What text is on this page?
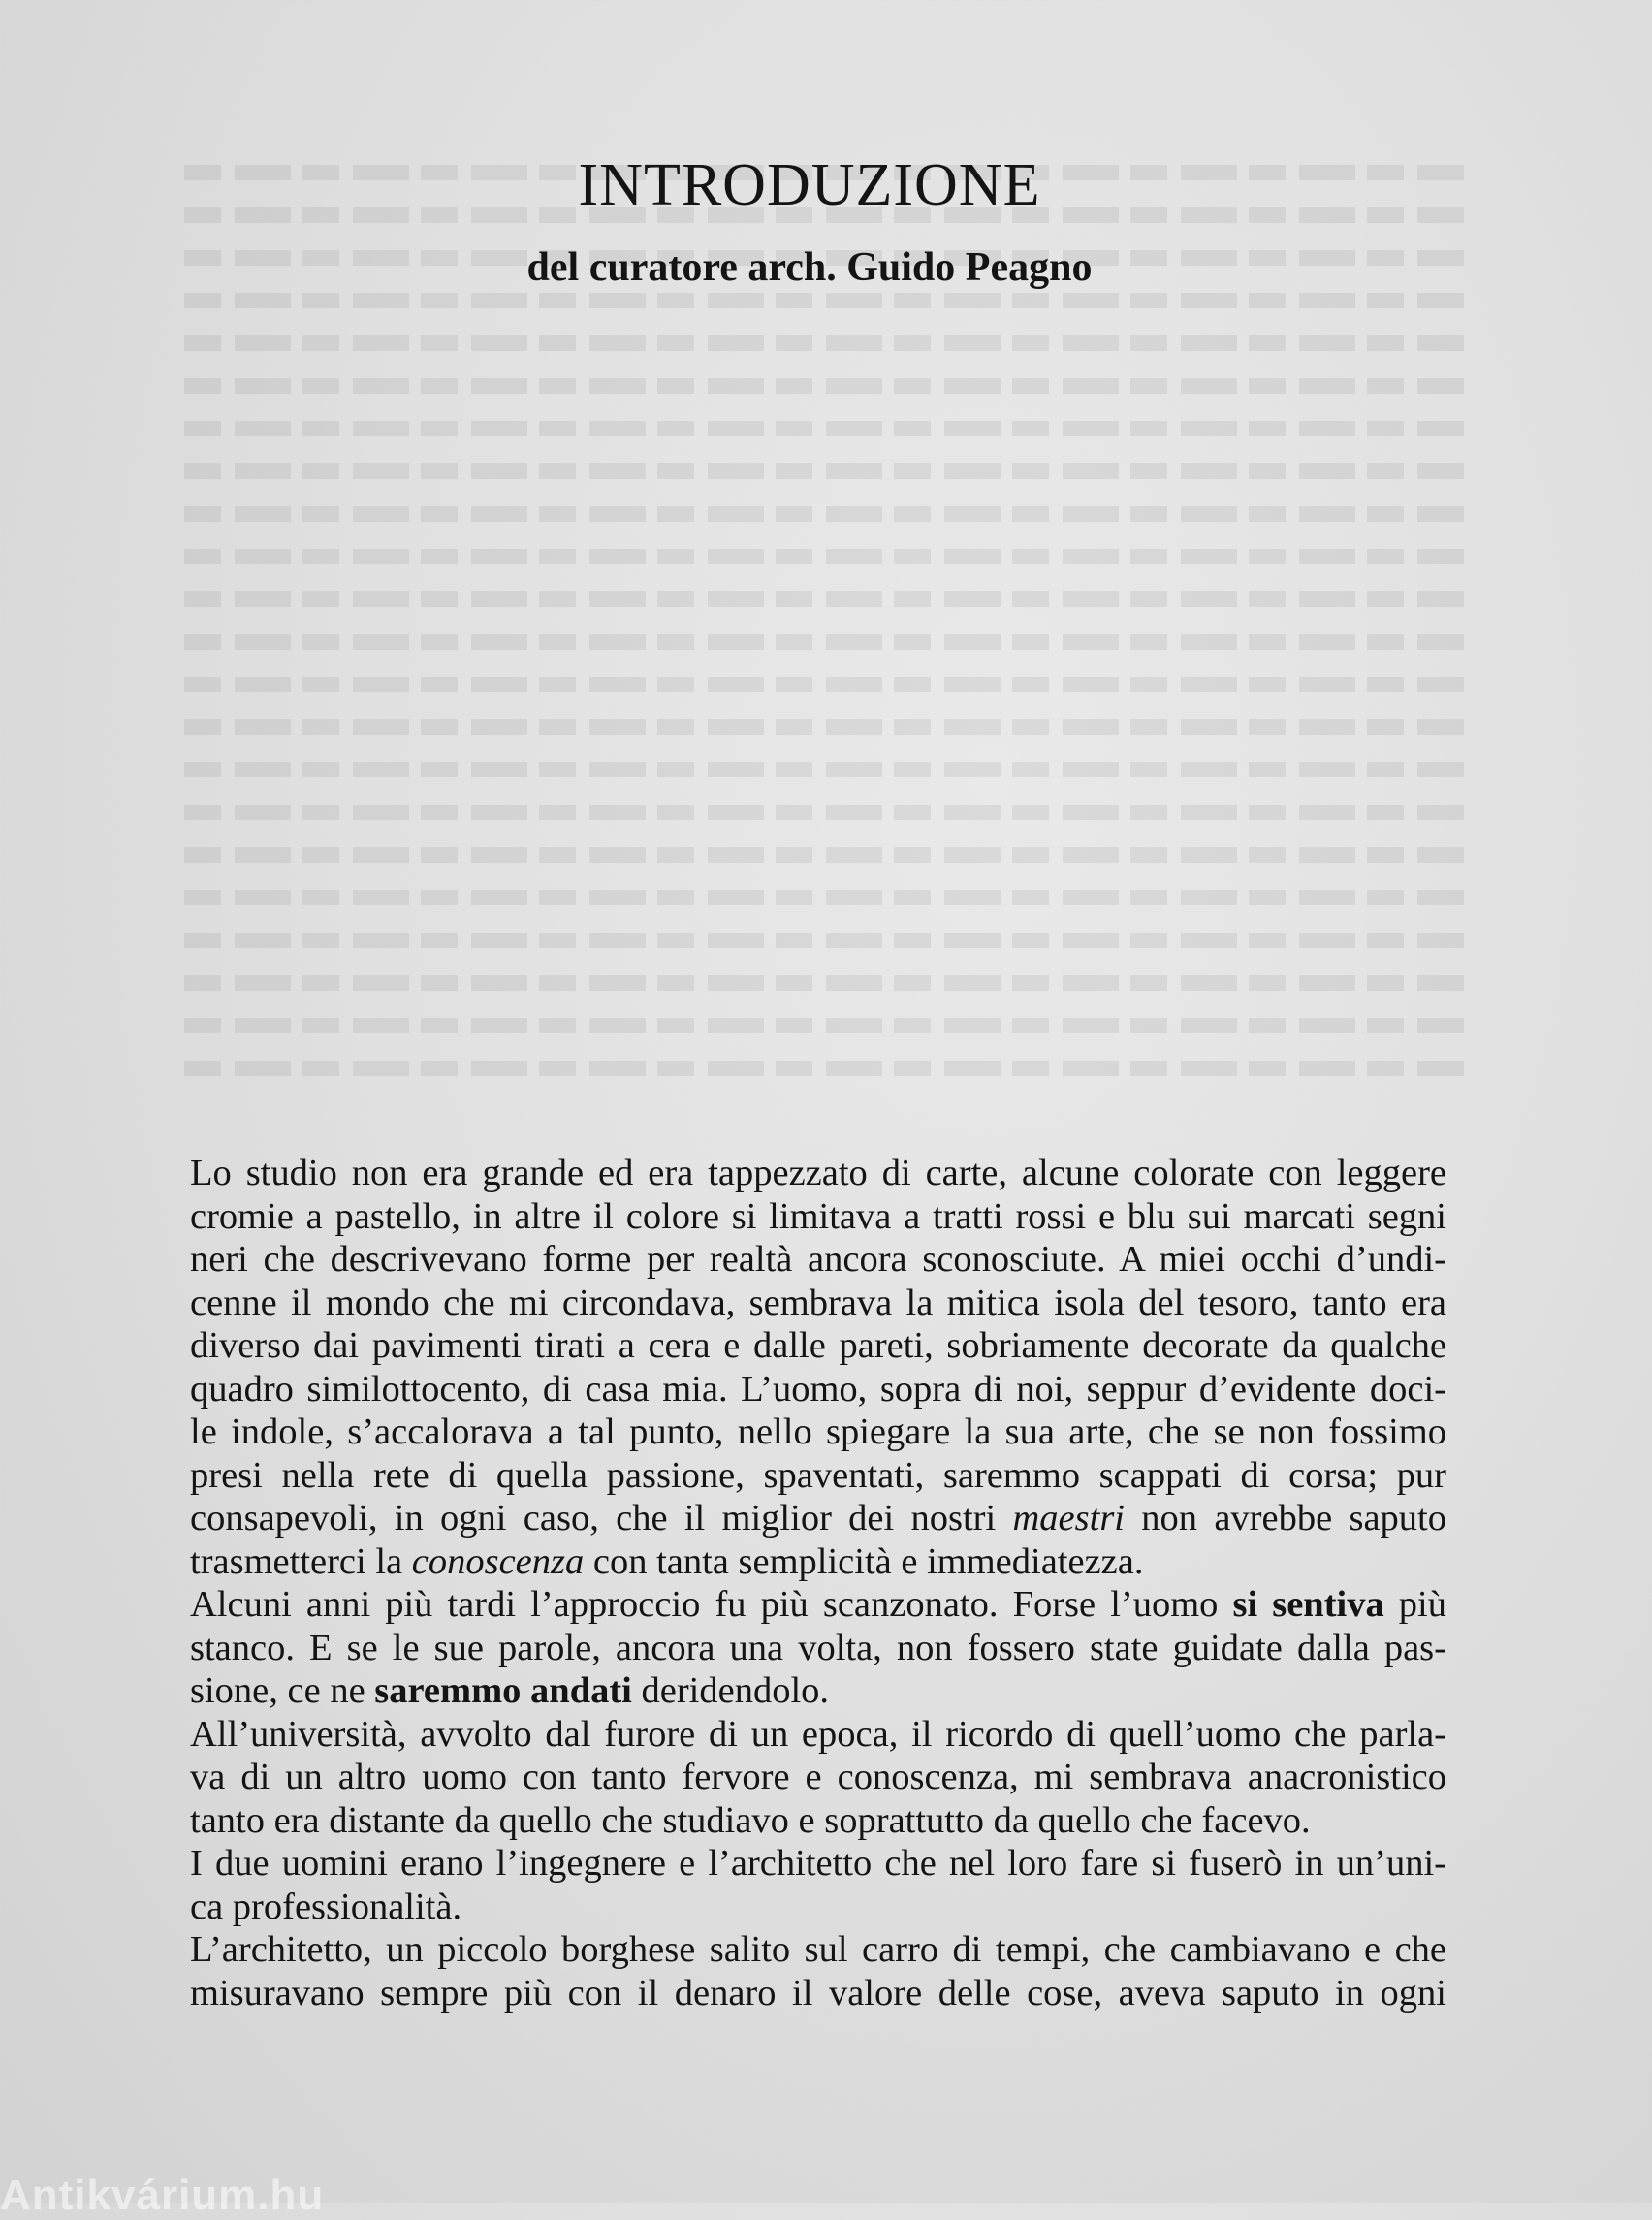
INTRODUZIONE
del curatore arch. Guido Peagno
Lo studio non era grande ed era tappezzato di carte, alcune colorate con leggere
cromie a pastello, in altre il colore si limitava a tratti rossi e blu sui marcati segni
neri che descrivevano forme per realtà ancora sconosciute. A miei occhi d’undi-
cenne il mondo che mi circondava, sembrava la mitica isola del tesoro, tanto era
diverso dai pavimenti tirati a cera e dalle pareti, sobriamente decorate da qualche
quadro similottocento, di casa mia. L’uomo, sopra di noi, seppur d’evidente doci-
le indole, s’accalorava a tal punto, nello spiegare la sua arte, che se non fossimo
presi nella rete di quella passione, spaventati, saremmo scappati di corsa; pur
consapevoli, in ogni caso, che il miglior dei nostri maestri non avrebbe saputo
trasmetterci la conoscenza con tanta semplicità e immediatezza.
Alcuni anni più tardi l’approccio fu più scanzonato. Forse l’uomo si sentiva più
stanco. E se le sue parole, ancora una volta, non fossero state guidate dalla pas-
sione, ce ne saremmo andati deridendolo.
All’università, avvolto dal furore di un epoca, il ricordo di quell’uomo che parla-
va di un altro uomo con tanto fervore e conoscenza, mi sembrava anacronistico
tanto era distante da quello che studiavo e soprattutto da quello che facevo.
I due uomini erano l’ingegnere e l’architetto che nel loro fare si fuserò in un’uni-
ca professionalità.
L’architetto, un piccolo borghese salito sul carro di tempi, che cambiavano e che
misuravano sempre più con il denaro il valore delle cose, aveva saputo in ogni
Antikvárium.hu
